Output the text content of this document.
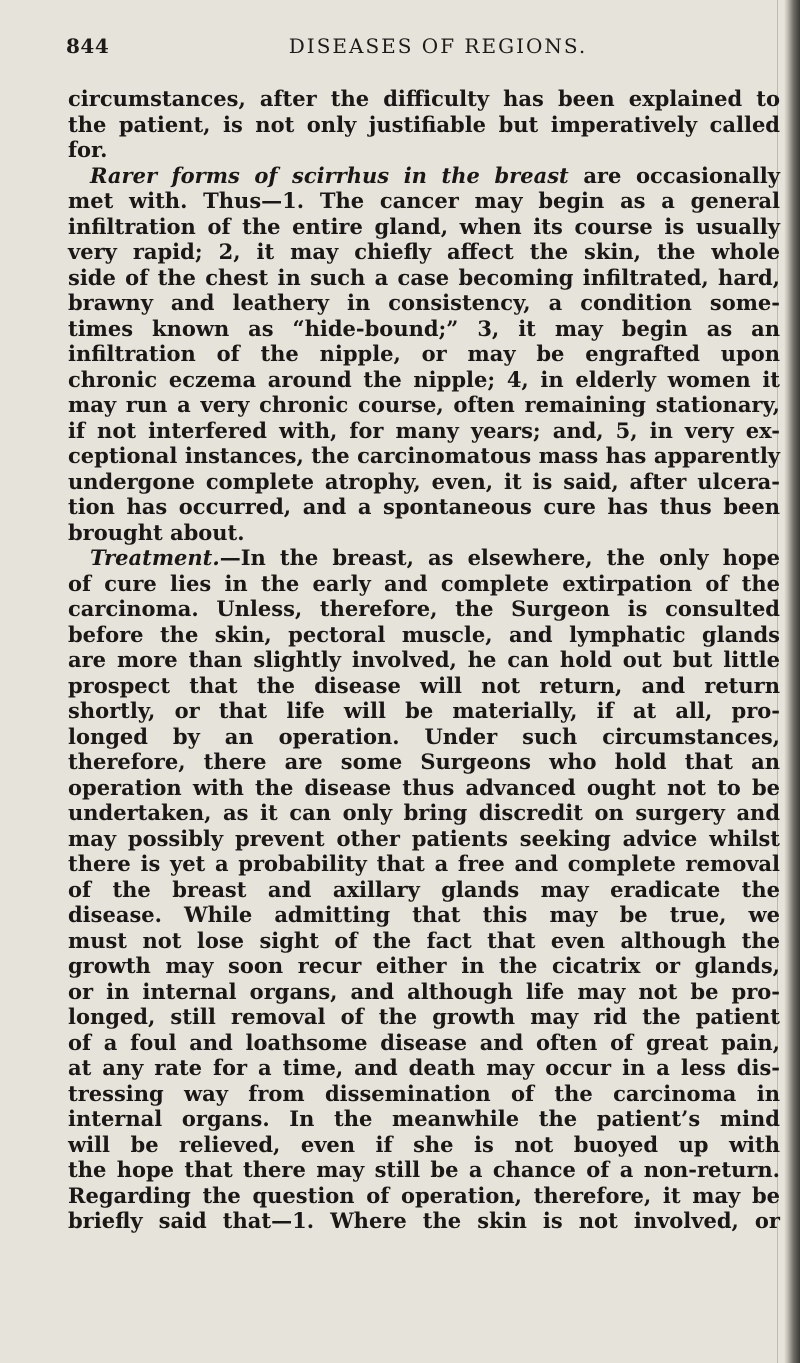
844	DISEASES OF REGIONS.
circumstances, after the difficulty has been explained to
the patient, is not only justifiable but imperatively called
for.
Rarer forms of scirrhus in the breast are occasionally
met with. Thus—1. The cancer may begin as a general
infiltration of the entire gland, when its course is usually
very rapid; 2, it may chiefly affect the skin, the whole
side of the chest in such a case becoming infiltrated, hard,
brawny and leathery in consistency, a condition some-
times known as “hide-bound;” 3, it may begin as an
infiltration of the nipple, or may be engrafted upon
chronic eczema around the nipple; 4, in elderly women it
may run a very chronic course, often remaining stationary,
if not interfered with, for many years; and, 5, in very ex-
ceptional instances, the carcinomatous mass has apparently
undergone complete atrophy, even, it is said, after ulcera-
tion has occurred, and a spontaneous cure has thus been
brought about.
Treatment.—In the breast, as elsewhere, the only hope
of cure lies in the early and complete extirpation of the
carcinoma. Unless, therefore, the Surgeon is consulted
before the skin, pectoral muscle, and lymphatic glands
are more than slightly involved, he can hold out but little
prospect that the disease will not return, and return
shortly, or that life will be materially, if at all, pro-
longed by an operation. Under such circumstances,
therefore, there are some Surgeons who hold that an
operation with the disease thus advanced ought not to be
undertaken, as it can only bring discredit on surgery and
may possibly prevent other patients seeking advice whilst
there is yet a probability that a free and complete removal
of the breast and axillary glands may eradicate the
disease. While admitting that this may be true, we
must not lose sight of the fact that even although the
growth may soon recur either in the cicatrix or glands,
or in internal organs, and although life may not be pro-
longed, still removal of the growth may rid the patient
of a foul and loathsome disease and often of great pain,
at any rate for a time, and death may occur in a less dis-
tressing way from dissemination of the carcinoma in
internal organs. In the meanwhile the patient’s mind
will be relieved, even if she is not buoyed up with
the hope that there may still be a chance of a non-return.
Regarding the question of operation, therefore, it may be
briefly said that—1. Where the skin is not involved, or
